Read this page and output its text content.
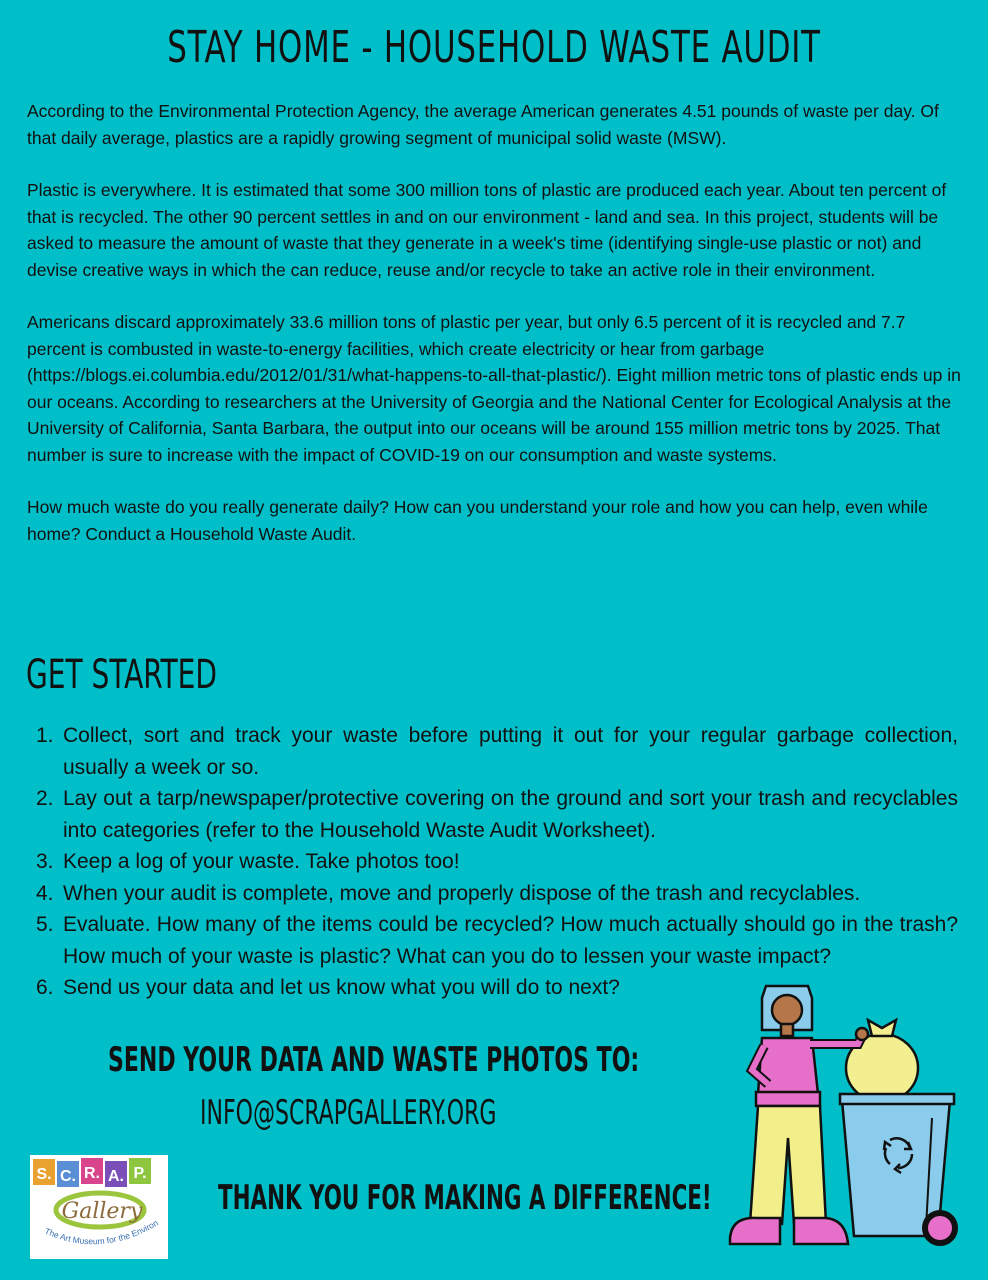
STAY HOME - HOUSEHOLD WASTE AUDIT

According to the Environmental Protection Agency, the average American generates 4.51 pounds of waste per day. Of that daily average, plastics are a rapidly growing segment of municipal solid waste (MSW).

Plastic is everywhere. It is estimated that some 300 million tons of plastic are produced each year. About ten percent of that is recycled. The other 90 percent settles in and on our environment - land and sea. In this project, students will be asked to measure the amount of waste that they generate in a week's time (identifying single-use plastic or not) and devise creative ways in which the can reduce, reuse and/or recycle to take an active role in their environment.

Americans discard approximately 33.6 million tons of plastic per year, but only 6.5 percent of it is recycled and 7.7 percent is combusted in waste-to-energy facilities, which create electricity or hear from garbage (https://blogs.ei.columbia.edu/2012/01/31/what-happens-to-all-that-plastic/). Eight million metric tons of plastic ends up in our oceans. According to researchers at the University of Georgia and the National Center for Ecological Analysis at the University of California, Santa Barbara, the output into our oceans will be around 155 million metric tons by 2025. That number is sure to increase with the impact of COVID-19 on our consumption and waste systems.

How much waste do you really generate daily? How can you understand your role and how you can help, even while home? Conduct a Household Waste Audit.

GET STARTED
1. Collect, sort and track your waste before putting it out for your regular garbage collection, usually a week or so.
2. Lay out a tarp/newspaper/protective covering on the ground and sort your trash and recyclables into categories (refer to the Household Waste Audit Worksheet).
3. Keep a log of your waste. Take photos too!
4. When your audit is complete, move and properly dispose of the trash and recyclables.
5. Evaluate. How many of the items could be recycled? How much actually should go in the trash? How much of your waste is plastic? What can you do to lessen your waste impact?
6. Send us your data and let us know what you will do to next?
SEND YOUR DATA AND WASTE PHOTOS TO:
INFO@SCRAPGALLERY.ORG
THANK YOU FOR MAKING A DIFFERENCE!
S. C. R. A. P.
Gallery
The Art Museum for the Environ
